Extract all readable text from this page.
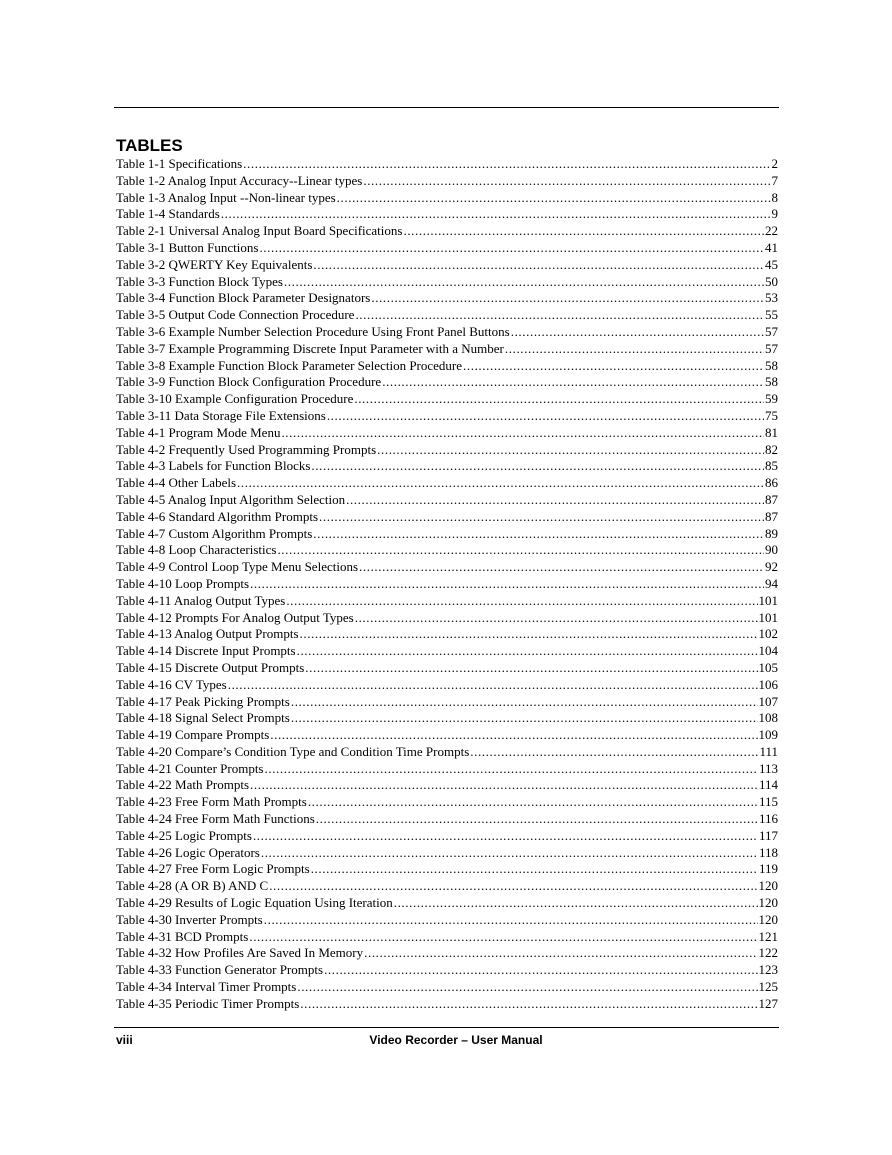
TABLES
Table 1-1 Specifications .....	2
Table 1-2 Analog Input Accuracy--Linear types .....	7
Table 1-3 Analog Input --Non-linear types .....	8
Table 1-4 Standards .....	9
Table 2-1 Universal Analog Input Board Specifications .....	22
Table 3-1 Button Functions .....	41
Table 3-2 QWERTY Key Equivalents .....	45
Table 3-3 Function Block Types .....	50
Table 3-4 Function Block Parameter Designators .....	53
Table 3-5 Output Code Connection Procedure .....	55
Table 3-6 Example Number Selection Procedure Using Front Panel Buttons .....	57
Table 3-7 Example Programming Discrete Input Parameter with a Number .....	57
Table 3-8 Example Function Block Parameter Selection Procedure .....	58
Table 3-9 Function Block Configuration Procedure .....	58
Table 3-10 Example Configuration Procedure .....	59
Table 3-11 Data Storage File Extensions .....	75
Table 4-1 Program Mode Menu .....	81
Table 4-2 Frequently Used Programming Prompts .....	82
Table 4-3 Labels for Function Blocks .....	85
Table 4-4 Other Labels .....	86
Table 4-5 Analog Input Algorithm Selection .....	87
Table 4-6 Standard Algorithm Prompts .....	87
Table 4-7 Custom Algorithm Prompts .....	89
Table 4-8 Loop Characteristics .....	90
Table 4-9 Control Loop Type Menu Selections .....	92
Table 4-10 Loop Prompts .....	94
Table 4-11 Analog Output Types .....	101
Table 4-12 Prompts For Analog Output Types .....	101
Table 4-13 Analog Output Prompts .....	102
Table 4-14 Discrete Input Prompts .....	104
Table 4-15 Discrete Output Prompts .....	105
Table 4-16 CV Types .....	106
Table 4-17 Peak Picking Prompts .....	107
Table 4-18 Signal Select Prompts .....	108
Table 4-19 Compare Prompts .....	109
Table 4-20 Compare’s Condition Type and Condition Time Prompts .....	111
Table 4-21 Counter Prompts .....	113
Table 4-22 Math Prompts .....	114
Table 4-23 Free Form Math Prompts .....	115
Table 4-24 Free Form Math Functions .....	116
Table 4-25 Logic Prompts .....	117
Table 4-26 Logic Operators .....	118
Table 4-27 Free Form Logic Prompts .....	119
Table 4-28 (A OR B) AND C .....	120
Table 4-29 Results of Logic Equation Using Iteration .....	120
Table 4-30 Inverter Prompts .....	120
Table 4-31 BCD Prompts .....	121
Table 4-32 How Profiles Are Saved In Memory .....	122
Table 4-33 Function Generator Prompts .....	123
Table 4-34 Interval Timer Prompts .....	125
Table 4-35 Periodic Timer Prompts .....	127
viii	Video Recorder – User Manual
